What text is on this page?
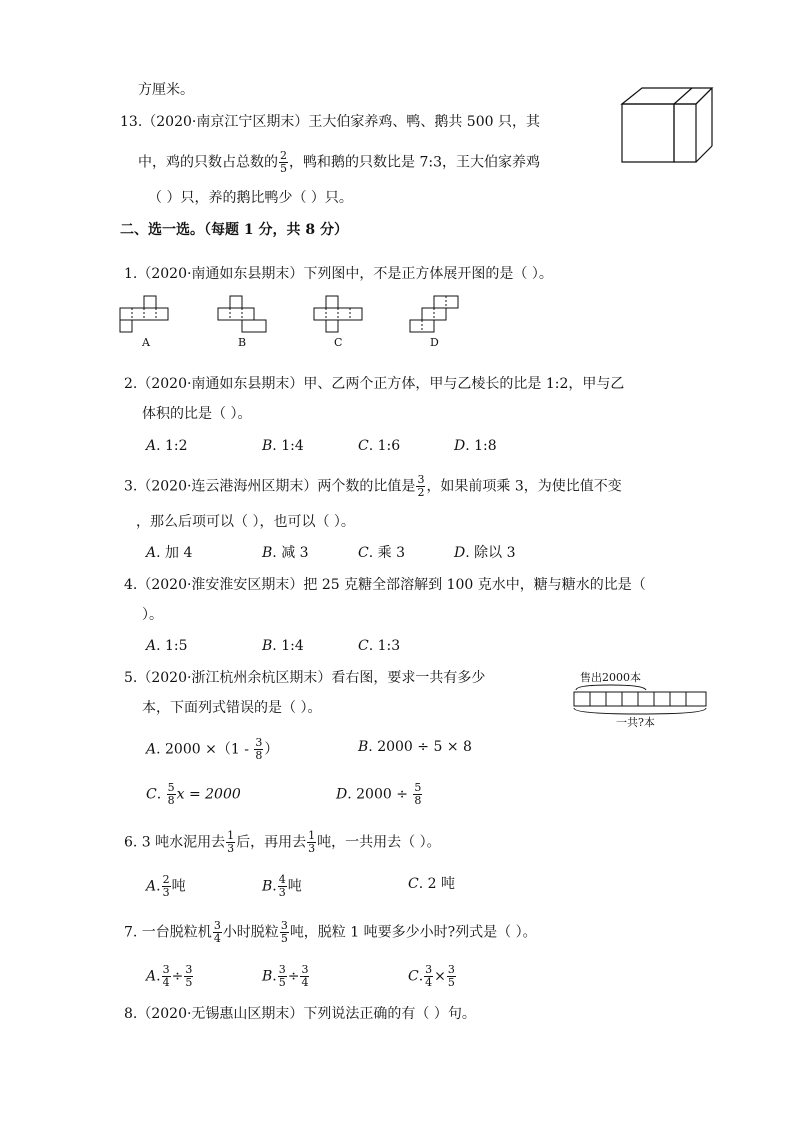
方厘米。
13.（2020·南京江宁区期末）王大伯家养鸡、鸭、鹅共 500 只，其
中，鸡的只数占总数的 $\frac{2}{5}$ ，鸭和鹅的只数比是 7:3，王大伯家养鸡
（ ）只，养的鹅比鸭少（ ）只。
二、选一选。（每题 1 分，共 8 分）
1.（2020·南通如东县期末）下列图中，不是正方体展开图的是（ ）。
A	B	C	D
2.（2020·南通如东县期末）甲、乙两个正方体，甲与乙棱长的比是 1:2，甲与乙
体积的比是（ ）。
A. 1:2	B. 1:4	C. 1:6	D. 1:8
3.（2020·连云港海州区期末）两个数的比值是 $\frac{3}{2}$ ，如果前项乘 3，为使比值不变
，那么后项可以（ ），也可以（ ）。
A. 加 4	B. 减 3	C. 乘 3	D. 除以 3
4.（2020·淮安淮安区期末）把 25 克糖全部溶解到 100 克水中，糖与糖水的比是（
）。
A. 1:5	B. 1:4	C. 1:3
5.（2020·浙江杭州余杭区期末）看右图，要求一共有多少
本，下面列式错误的是（ ）。
售出2000本
一共?本
A. $2000 \times(1 - \frac{3}{8}$ ）	B. 2000 ÷ 5 × 8
C. $\frac{5}{8}$ x = 2000	D. $2000 \div \frac{5}{8}$
6. 3 吨水泥用去 $\frac{1}{3}$ 后，再用去 $\frac{1}{3}$ 吨，一共用去（ ）。
A. $\frac{2}{3}$ 吨	B. $\frac{4}{3}$ 吨	C. 2 吨
7. 一台脱粒机 $\frac{3}{4}$ 小时脱粒 $\frac{3}{5}$ 吨，脱粒 1 吨要多少小时?列式是（ ）。
A. $\frac{3}{4} \div \frac{3}{5}$	B. $\frac{3}{5} \div \frac{3}{4}$	C. $\frac{3}{4} \times \frac{3}{5}$
8.（2020·无锡惠山区期末）下列说法正确的有（ ）句。
